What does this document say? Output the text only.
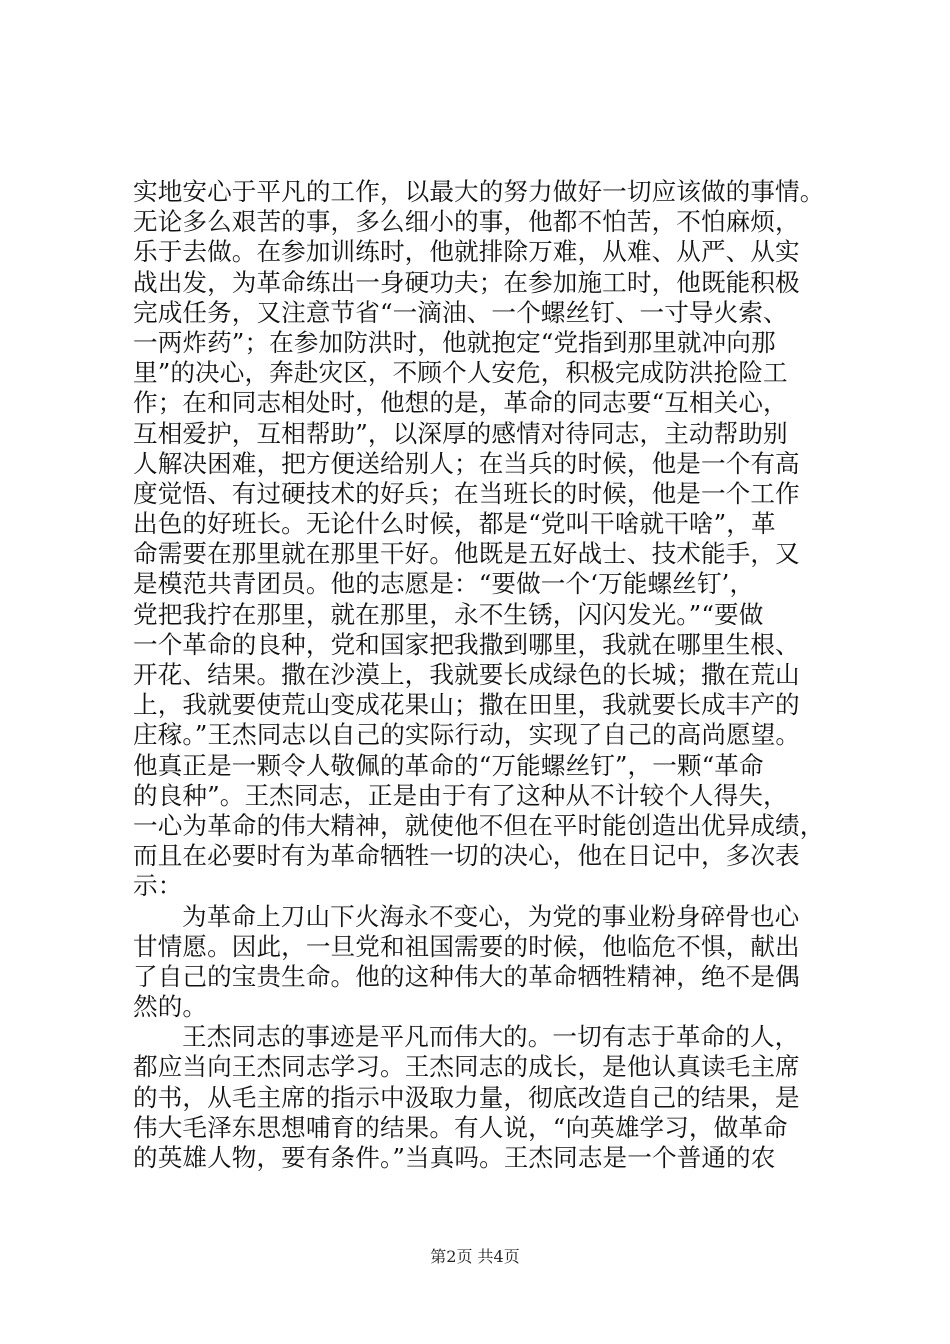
实地安心于平凡的工作，以最大的努力做好一切应该做的事情。
无论多么艰苦的事，多么细小的事，他都不怕苦，不怕麻烦，
乐于去做。在参加训练时，他就排除万难，从难、从严、从实
战出发，为革命练出一身硬功夫；在参加施工时，他既能积极
完成任务，又注意节省“一滴油、一个螺丝钉、一寸导火索、
一两炸药”；在参加防洪时，他就抱定“党指到那里就冲向那
里”的决心，奔赴灾区，不顾个人安危，积极完成防洪抢险工
作；在和同志相处时，他想的是，革命的同志要“互相关心，
互相爱护，互相帮助”，以深厚的感情对待同志，主动帮助别
人解决困难，把方便送给别人；在当兵的时候，他是一个有高
度觉悟、有过硬技术的好兵；在当班长的时候，他是一个工作
出色的好班长。无论什么时候，都是“党叫干啥就干啥”，革
命需要在那里就在那里干好。他既是五好战士、技术能手，又
是模范共青团员。他的志愿是：“要做一个‘万能螺丝钉’，
党把我拧在那里，就在那里，永不生锈，闪闪发光。”“要做
一个革命的良种，党和国家把我撒到哪里，我就在哪里生根、
开花、结果。撒在沙漠上，我就要长成绿色的长城；撒在荒山
上，我就要使荒山变成花果山；撒在田里，我就要长成丰产的
庄稼。”王杰同志以自己的实际行动，实现了自己的高尚愿望。
他真正是一颗令人敬佩的革命的“万能螺丝钉”，一颗“革命
的良种”。王杰同志，正是由于有了这种从不计较个人得失，
一心为革命的伟大精神，就使他不但在平时能创造出优异成绩，
而且在必要时有为革命牺牲一切的决心，他在日记中，多次表
示：
为革命上刀山下火海永不变心，为党的事业粉身碎骨也心
甘情愿。因此，一旦党和祖国需要的时候，他临危不惧，献出
了自己的宝贵生命。他的这种伟大的革命牺牲精神，绝不是偶
然的。
王杰同志的事迹是平凡而伟大的。一切有志于革命的人，
都应当向王杰同志学习。王杰同志的成长，是他认真读毛主席
的书，从毛主席的指示中汲取力量，彻底改造自己的结果，是
伟大毛泽东思想哺育的结果。有人说，“向英雄学习，做革命
的英雄人物，要有条件。”当真吗。王杰同志是一个普通的农
第2页 共4页
